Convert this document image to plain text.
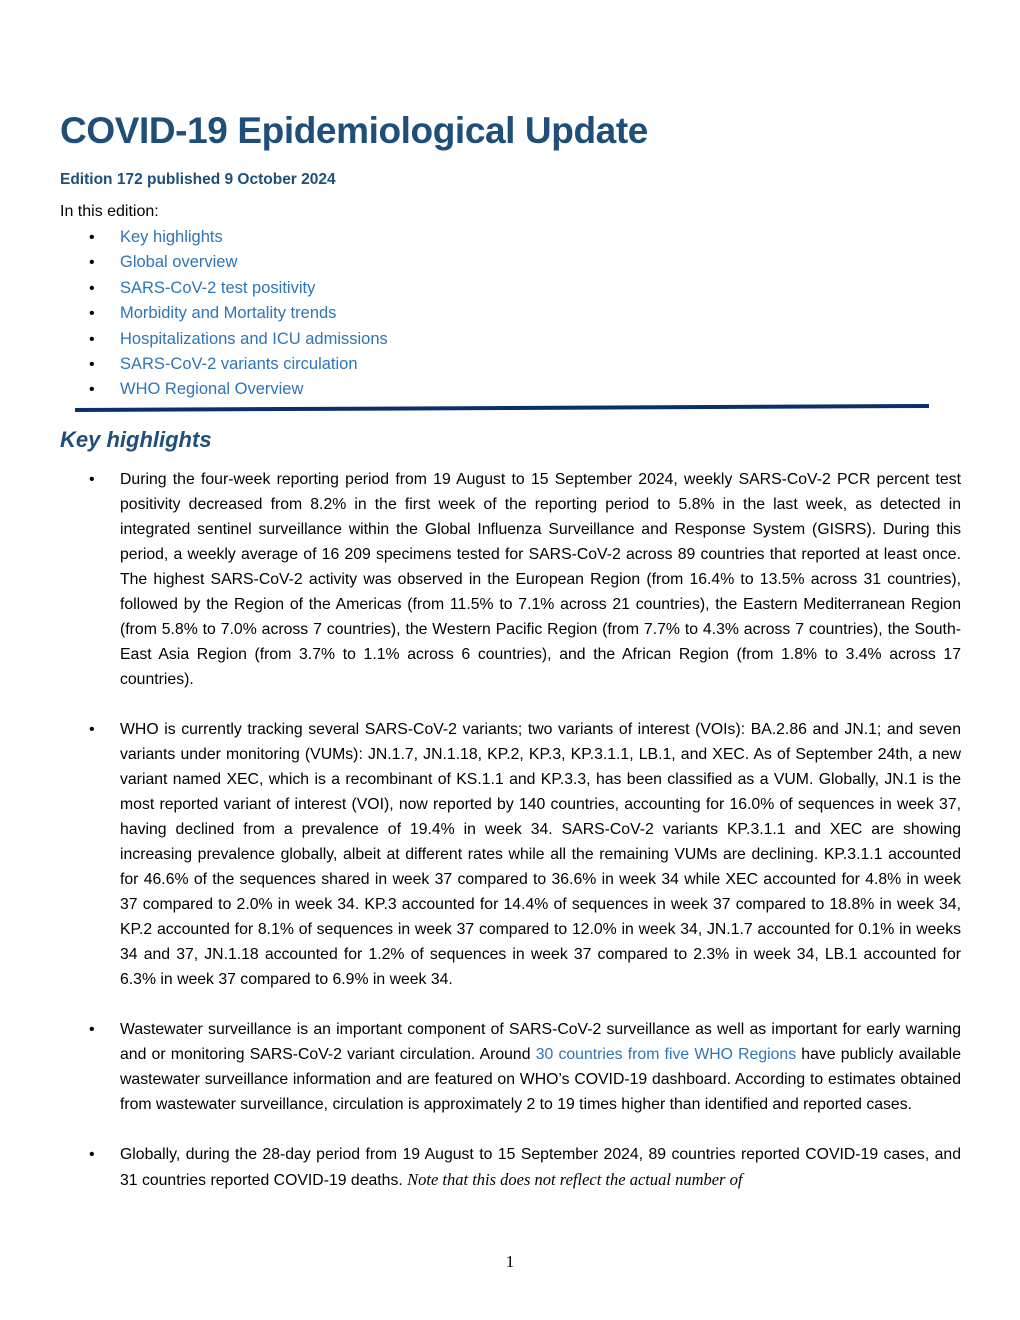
COVID-19 Epidemiological Update
Edition 172 published 9 October 2024
In this edition:
• Key highlights
• Global overview
• SARS-CoV-2 test positivity
• Morbidity and Mortality trends
• Hospitalizations and ICU admissions
• SARS-CoV-2 variants circulation
• WHO Regional Overview
Key highlights
• During the four-week reporting period from 19 August to 15 September 2024, weekly SARS-CoV-2 PCR percent test positivity decreased from 8.2% in the first week of the reporting period to 5.8% in the last week, as detected in integrated sentinel surveillance within the Global Influenza Surveillance and Response System (GISRS). During this period, a weekly average of 16 209 specimens tested for SARS-CoV-2 across 89 countries that reported at least once. The highest SARS-CoV-2 activity was observed in the European Region (from 16.4% to 13.5% across 31 countries), followed by the Region of the Americas (from 11.5% to 7.1% across 21 countries), the Eastern Mediterranean Region (from 5.8% to 7.0% across 7 countries), the Western Pacific Region (from 7.7% to 4.3% across 7 countries), the South-East Asia Region (from 3.7% to 1.1% across 6 countries), and the African Region (from 1.8% to 3.4% across 17 countries).
• WHO is currently tracking several SARS-CoV-2 variants; two variants of interest (VOIs): BA.2.86 and JN.1; and seven variants under monitoring (VUMs): JN.1.7, JN.1.18, KP.2, KP.3, KP.3.1.1, LB.1, and XEC. As of September 24th, a new variant named XEC, which is a recombinant of KS.1.1 and KP.3.3, has been classified as a VUM. Globally, JN.1 is the most reported variant of interest (VOI), now reported by 140 countries, accounting for 16.0% of sequences in week 37, having declined from a prevalence of 19.4% in week 34. SARS-CoV-2 variants KP.3.1.1 and XEC are showing increasing prevalence globally, albeit at different rates while all the remaining VUMs are declining. KP.3.1.1 accounted for 46.6% of the sequences shared in week 37 compared to 36.6% in week 34 while XEC accounted for 4.8% in week 37 compared to 2.0% in week 34. KP.3 accounted for 14.4% of sequences in week 37 compared to 18.8% in week 34, KP.2 accounted for 8.1% of sequences in week 37 compared to 12.0% in week 34, JN.1.7 accounted for 0.1% in weeks 34 and 37, JN.1.18 accounted for 1.2% of sequences in week 37 compared to 2.3% in week 34, LB.1 accounted for 6.3% in week 37 compared to 6.9% in week 34.
• Wastewater surveillance is an important component of SARS-CoV-2 surveillance as well as important for early warning and or monitoring SARS-CoV-2 variant circulation. Around 30 countries from five WHO Regions have publicly available wastewater surveillance information and are featured on WHO’s COVID-19 dashboard. According to estimates obtained from wastewater surveillance, circulation is approximately 2 to 19 times higher than identified and reported cases.
• Globally, during the 28-day period from 19 August to 15 September 2024, 89 countries reported COVID-19 cases, and 31 countries reported COVID-19 deaths. Note that this does not reflect the actual number of
1
